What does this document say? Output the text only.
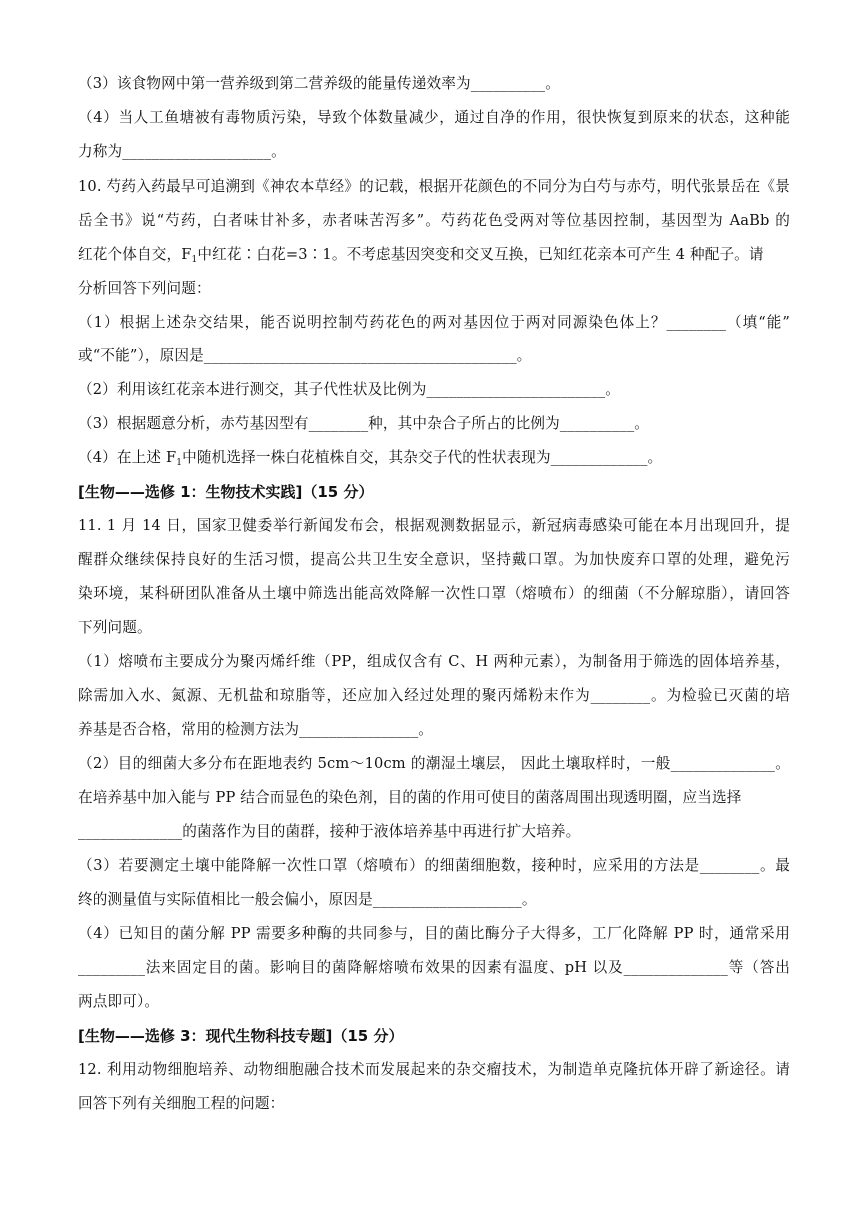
（3）该食物网中第一营养级到第二营养级的能量传递效率为__________。
（4）当人工鱼塘被有毒物质污染，导致个体数量减少，通过自净的作用，很快恢复到原来的状态，这种能
力称为____________________。
10. 芍药入药最早可追溯到《神农本草经》的记载，根据开花颜色的不同分为白芍与赤芍，明代张景岳在《景
岳全书》说“芍药，白者味甘补多，赤者味苦泻多”。芍药花色受两对等位基因控制，基因型为 AaBb 的
红花个体自交，$F_1$中红花∶白花=3∶1。不考虑基因突变和交叉互换，已知红花亲本可产生 4 种配子。请
分析回答下列问题：
（1）根据上述杂交结果，能否说明控制芍药花色的两对基因位于两对同源染色体上？________（填“能”
或“不能”），原因是__________________________________________。
（2）利用该红花亲本进行测交，其子代性状及比例为________________________。
（3）根据题意分析，赤芍基因型有________种，其中杂合子所占的比例为__________。
（4）在上述 $F_1$中随机选择一株白花植株自交，其杂交子代的性状表现为_____________。
[生物——选修 1：生物技术实践]（15 分）
11. 1 月 14 日，国家卫健委举行新闻发布会，根据观测数据显示，新冠病毒感染可能在本月出现回升，提
醒群众继续保持良好的生活习惯，提高公共卫生安全意识，坚持戴口罩。为加快废弃口罩的处理，避免污
染环境，某科研团队准备从土壤中筛选出能高效降解一次性口罩（熔喷布）的细菌（不分解琼脂），请回答
下列问题。
（1）熔喷布主要成分为聚丙烯纤维（PP，组成仅含有 C、H 两种元素），为制备用于筛选的固体培养基，
除需加入水、氮源、无机盐和琼脂等，还应加入经过处理的聚丙烯粉末作为________。为检验已灭菌的培
养基是否合格，常用的检测方法为________________。
（2）目的细菌大多分布在距地表约 5cm～10cm 的潮湿土壤层， 因此土壤取样时，一般______________。
在培养基中加入能与 PP 结合而显色的染色剂，目的菌的作用可使目的菌落周围出现透明圈，应当选择
______________的菌落作为目的菌群，接种于液体培养基中再进行扩大培养。
（3）若要测定土壤中能降解一次性口罩（熔喷布）的细菌细胞数，接种时，应采用的方法是________。最
终的测量值与实际值相比一般会偏小，原因是____________________。
（4）已知目的菌分解 PP 需要多种酶的共同参与，目的菌比酶分子大得多，工厂化降解 PP 时，通常采用
_________法来固定目的菌。影响目的菌降解熔喷布效果的因素有温度、pH 以及______________等（答出
两点即可）。
[生物——选修 3：现代生物科技专题]（15 分）
12. 利用动物细胞培养、动物细胞融合技术而发展起来的杂交瘤技术，为制造单克隆抗体开辟了新途径。请
回答下列有关细胞工程的问题：
